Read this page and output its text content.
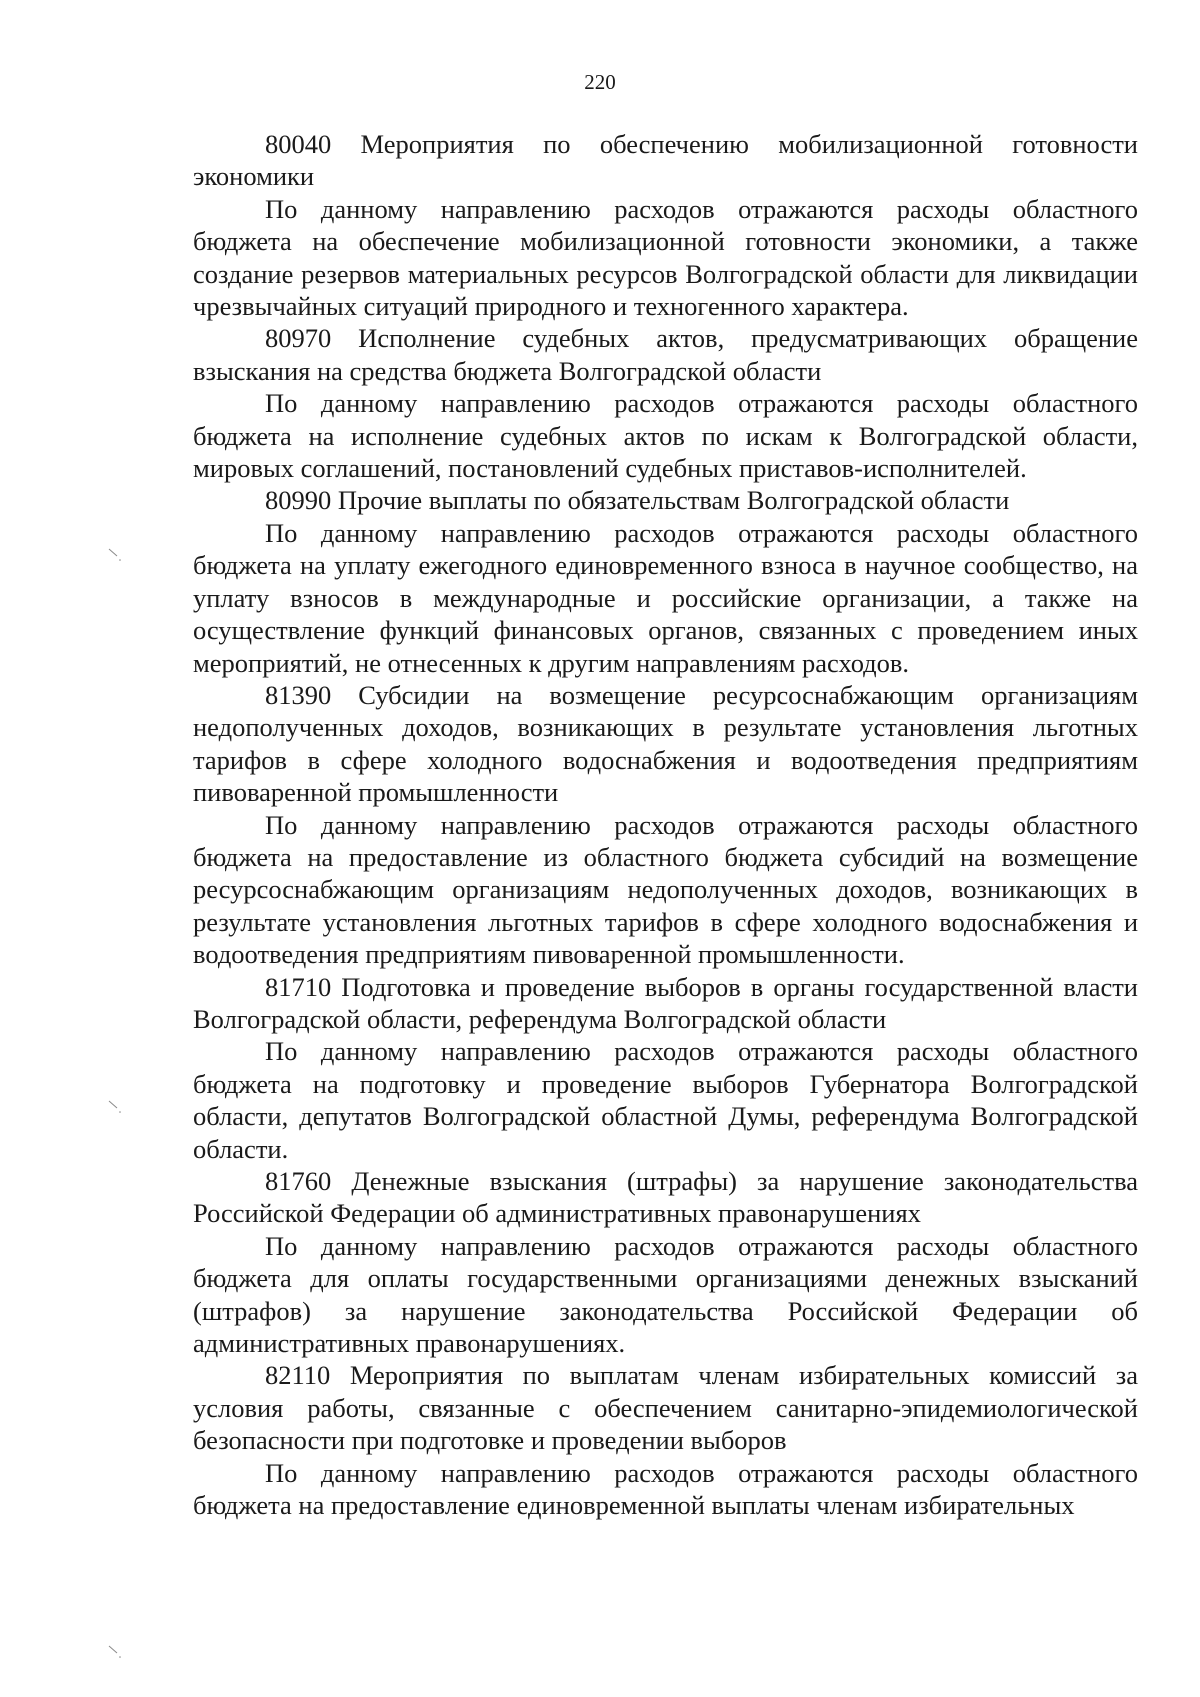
220

80040 Мероприятия по обеспечению мобилизационной готовности экономики

По данному направлению расходов отражаются расходы областного бюджета на обеспечение мобилизационной готовности экономики, а также создание резервов материальных ресурсов Волгоградской области для ликвидации чрезвычайных ситуаций природного и техногенного характера.

80970 Исполнение судебных актов, предусматривающих обращение взыскания на средства бюджета Волгоградской области

По данному направлению расходов отражаются расходы областного бюджета на исполнение судебных актов по искам к Волгоградской области, мировых соглашений, постановлений судебных приставов-исполнителей.

80990 Прочие выплаты по обязательствам Волгоградской области

По данному направлению расходов отражаются расходы областного бюджета на уплату ежегодного единовременного взноса в научное сообщество, на уплату взносов в международные и российские организации, а также на осуществление функций финансовых органов, связанных с проведением иных мероприятий, не отнесенных к другим направлениям расходов.

81390 Субсидии на возмещение ресурсоснабжающим организациям недополученных доходов, возникающих в результате установления льготных тарифов в сфере холодного водоснабжения и водоотведения предприятиям пивоваренной промышленности

По данному направлению расходов отражаются расходы областного бюджета на предоставление из областного бюджета субсидий на возмещение ресурсоснабжающим организациям недополученных доходов, возникающих в результате установления льготных тарифов в сфере холодного водоснабжения и водоотведения предприятиям пивоваренной промышленности.

81710 Подготовка и проведение выборов в органы государственной власти Волгоградской области, референдума Волгоградской области

По данному направлению расходов отражаются расходы областного бюджета на подготовку и проведение выборов Губернатора Волгоградской области, депутатов Волгоградской областной Думы, референдума Волгоградской области.

81760 Денежные взыскания (штрафы) за нарушение законодательства Российской Федерации об административных правонарушениях

По данному направлению расходов отражаются расходы областного бюджета для оплаты государственными организациями денежных взысканий (штрафов) за нарушение законодательства Российской Федерации об административных правонарушениях.

82110 Мероприятия по выплатам членам избирательных комиссий за условия работы, связанные с обеспечением санитарно-эпидемиологической безопасности при подготовке и проведении выборов

По данному направлению расходов отражаются расходы областного бюджета на предоставление единовременной выплаты членам избирательных
